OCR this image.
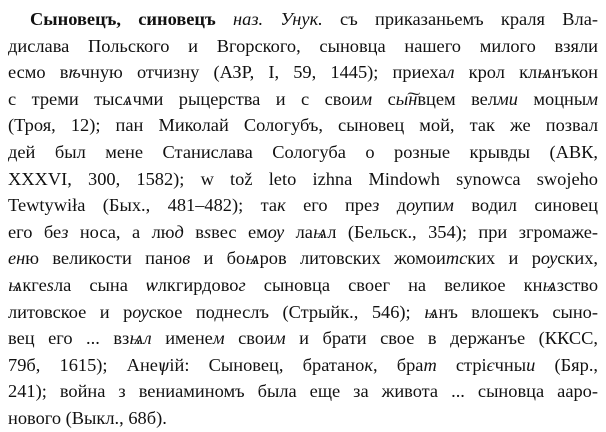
Сыновецъ, синовецъ наз. Унук. съ приказаньемъ краля Вла-
дислава Польского и Вгорского, сыновца нашего милого взяли
есмо вѣчную отчизну (АЗР, І, 59, 1445); приехал крол клѩнъкон
с треми тысѧчми рыцерства и с своим сы͠нвцем велми моцным
(Троя, 12); пан Миколай Сологубъ, сыновец мой, так же позвал
дей был мене Станислава Сологуба о розные крывды (АВК,
XXXVI, 300, 1582); w tož leto izhna Mindowh synowca swojeho
Tewtywiła (Бых., 481–482); так его през дѹпим водил синовец
его без носа, а люд вѕвес емѹ лаѩл (Бельск., 354); при згромаже-
еню великости панов и боѩров литовских жомоитских и рѹских,
ѩкгеѕла сына ѡлкгирдовог сыновца своег на великое кнѩзство
литовское и рѹское поднеслъ (Стрыйк., 546); ѩнъ влошекъ сыно-
вец его ... взѩл именем своим и брати свое в держанъе (ККСС,
79б, 1615); Анеѱій: Сыновец, братанок, брат стрієчныи (Бяр.,
241); война з вениаминомъ была еще за живота ... сыновца ааро-
нового (Выкл., 68б).
